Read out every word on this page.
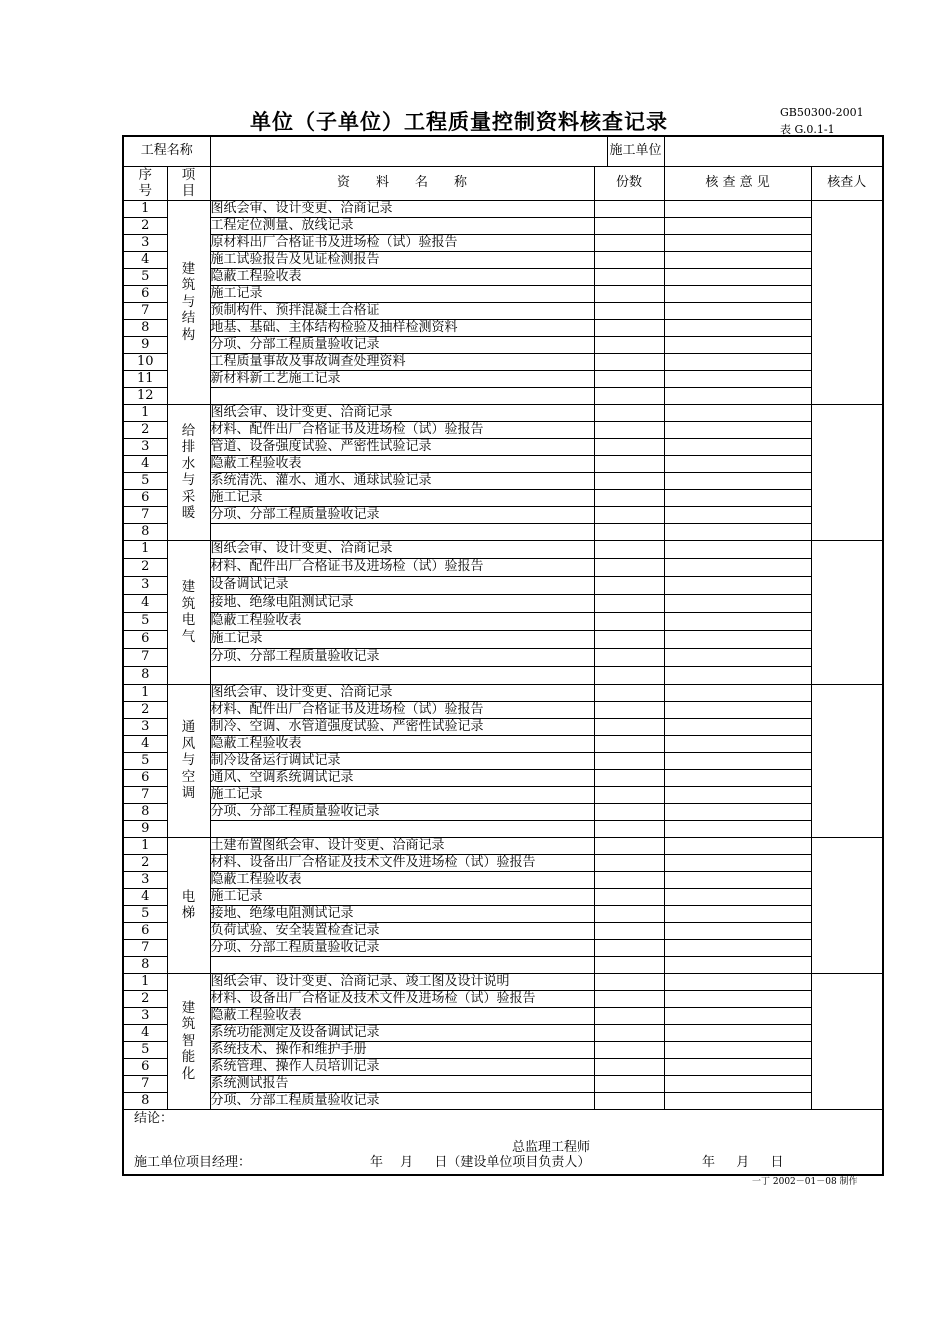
单位（子单位）工程质量控制资料核查记录	GB50300-2001
表 G.0.1-1
工程名称				施工单位		
序号	项目	资　　料　　名　　称	份数		核 查 意 见	核查人
1	建筑与结构	图纸会审、设计变更、洽商记录				
2		工程定位测量、放线记录				
3		原材料出厂合格证书及进场检（试）验报告				
4		施工试验报告及见证检测报告				
5		隐蔽工程验收表				
6		施工记录				
7		预制构件、预拌混凝土合格证				
8		地基、基础、主体结构检验及抽样检测资料				
9		分项、分部工程质量验收记录				
10		工程质量事故及事故调查处理资料				
11		新材料新工艺施工记录				
12						
1	给排水与采暖	图纸会审、设计变更、洽商记录				
2		材料、配件出厂合格证书及进场检（试）验报告				
3		管道、设备强度试验、严密性试验记录				
4		隐蔽工程验收表				
5		系统清洗、灌水、通水、通球试验记录				
6		施工记录				
7		分项、分部工程质量验收记录				
8						
1	建筑电气	图纸会审、设计变更、洽商记录				
2		材料、配件出厂合格证书及进场检（试）验报告				
3		设备调试记录				
4		接地、绝缘电阻测试记录				
5		隐蔽工程验收表				
6		施工记录				
7		分项、分部工程质量验收记录				
8						
1	通风与空调	图纸会审、设计变更、洽商记录				
2		材料、配件出厂合格证书及进场检（试）验报告				
3		制冷、空调、水管道强度试验、严密性试验记录				
4		隐蔽工程验收表				
5		制冷设备运行调试记录				
6		通风、空调系统调试记录				
7		施工记录				
8		分项、分部工程质量验收记录				
9						
1	电梯	土建布置图纸会审、设计变更、洽商记录				
2		材料、设备出厂合格证及技术文件及进场检（试）验报告				
3		隐蔽工程验收表				
4		施工记录				
5		接地、绝缘电阻测试记录				
6		负荷试验、安全装置检查记录				
7		分项、分部工程质量验收记录				
8						
1	建筑智能化	图纸会审、设计变更、洽商记录、竣工图及设计说明				
2		材料、设备出厂合格证及技术文件及进场检（试）验报告				
3		隐蔽工程验收表				
4		系统功能测定及设备调试记录				
5		系统技术、操作和维护手册				
6		系统管理、操作人员培训记录				
7		系统测试报告				
8		分项、分部工程质量验收记录				

结论：
总监理工程师
施工单位项目经理： 年　 月 　 日（建设单位项目负责人） 年 　 月 　 日						
一丁 2002－01－08 制作
